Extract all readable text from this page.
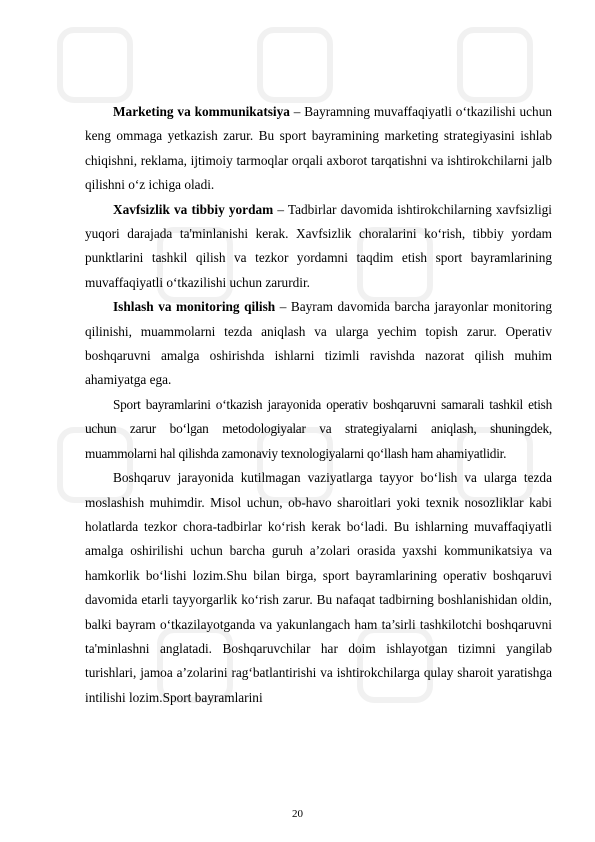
Marketing va kommunikatsiya – Bayramning muvaffaqiyatli o‘tkazilishi uchun keng ommaga yetkazish zarur. Bu sport bayramining marketing strategiyasini ishlab chiqishni, reklama, ijtimoiy tarmoqlar orqali axborot tarqatishni va ishtirokchilarni jalb qilishni o‘z ichiga oladi.

Xavfsizlik va tibbiy yordam – Tadbirlar davomida ishtirokchilarning xavfsizligi yuqori darajada ta'minlanishi kerak. Xavfsizlik choralarini ko‘rish, tibbiy yordam punktlarini tashkil qilish va tezkor yordamni taqdim etish sport bayramlarining muvaffaqiyatli o‘tkazilishi uchun zarurdir.

Ishlash va monitoring qilish – Bayram davomida barcha jarayonlar monitoring qilinishi, muammolarni tezda aniqlash va ularga yechim topish zarur. Operativ boshqaruvni amalga oshirishda ishlarni tizimli ravishda nazorat qilish muhim ahamiyatga ega.

Sport bayramlarini o‘tkazish jarayonida operativ boshqaruvni samarali tashkil etish uchun zarur bo‘lgan metodologiyalar va strategiyalarni aniqlash, shuningdek, muammolarni hal qilishda zamonaviy texnologiyalarni qo‘llash ham ahamiyatlidir.

Boshqaruv jarayonida kutilmagan vaziyatlarga tayyor bo‘lish va ularga tezda moslashish muhimdir. Misol uchun, ob-havo sharoitlari yoki texnik nosozliklar kabi holatlarda tezkor chora-tadbirlar ko‘rish kerak bo‘ladi. Bu ishlarning muvaffaqiyatli amalga oshirilishi uchun barcha guruh a’zolari orasida yaxshi kommunikatsiya va hamkorlik bo‘lishi lozim.Shu bilan birga, sport bayramlarining operativ boshqaruvi davomida etarli tayyorgarlik ko‘rish zarur. Bu nafaqat tadbirning boshlanishidan oldin, balki bayram o‘tkazilayotganda va yakunlangach ham ta’sirli tashkilotchi boshqaruvni ta'minlashni anglatadi. Boshqaruvchilar har doim ishlayotgan tizimni yangilab turishlari, jamoa a’zolarini rag‘batlantirishi va ishtirokchilarga qulay sharoit yaratishga intilishi lozim.Sport bayramlarini

20
